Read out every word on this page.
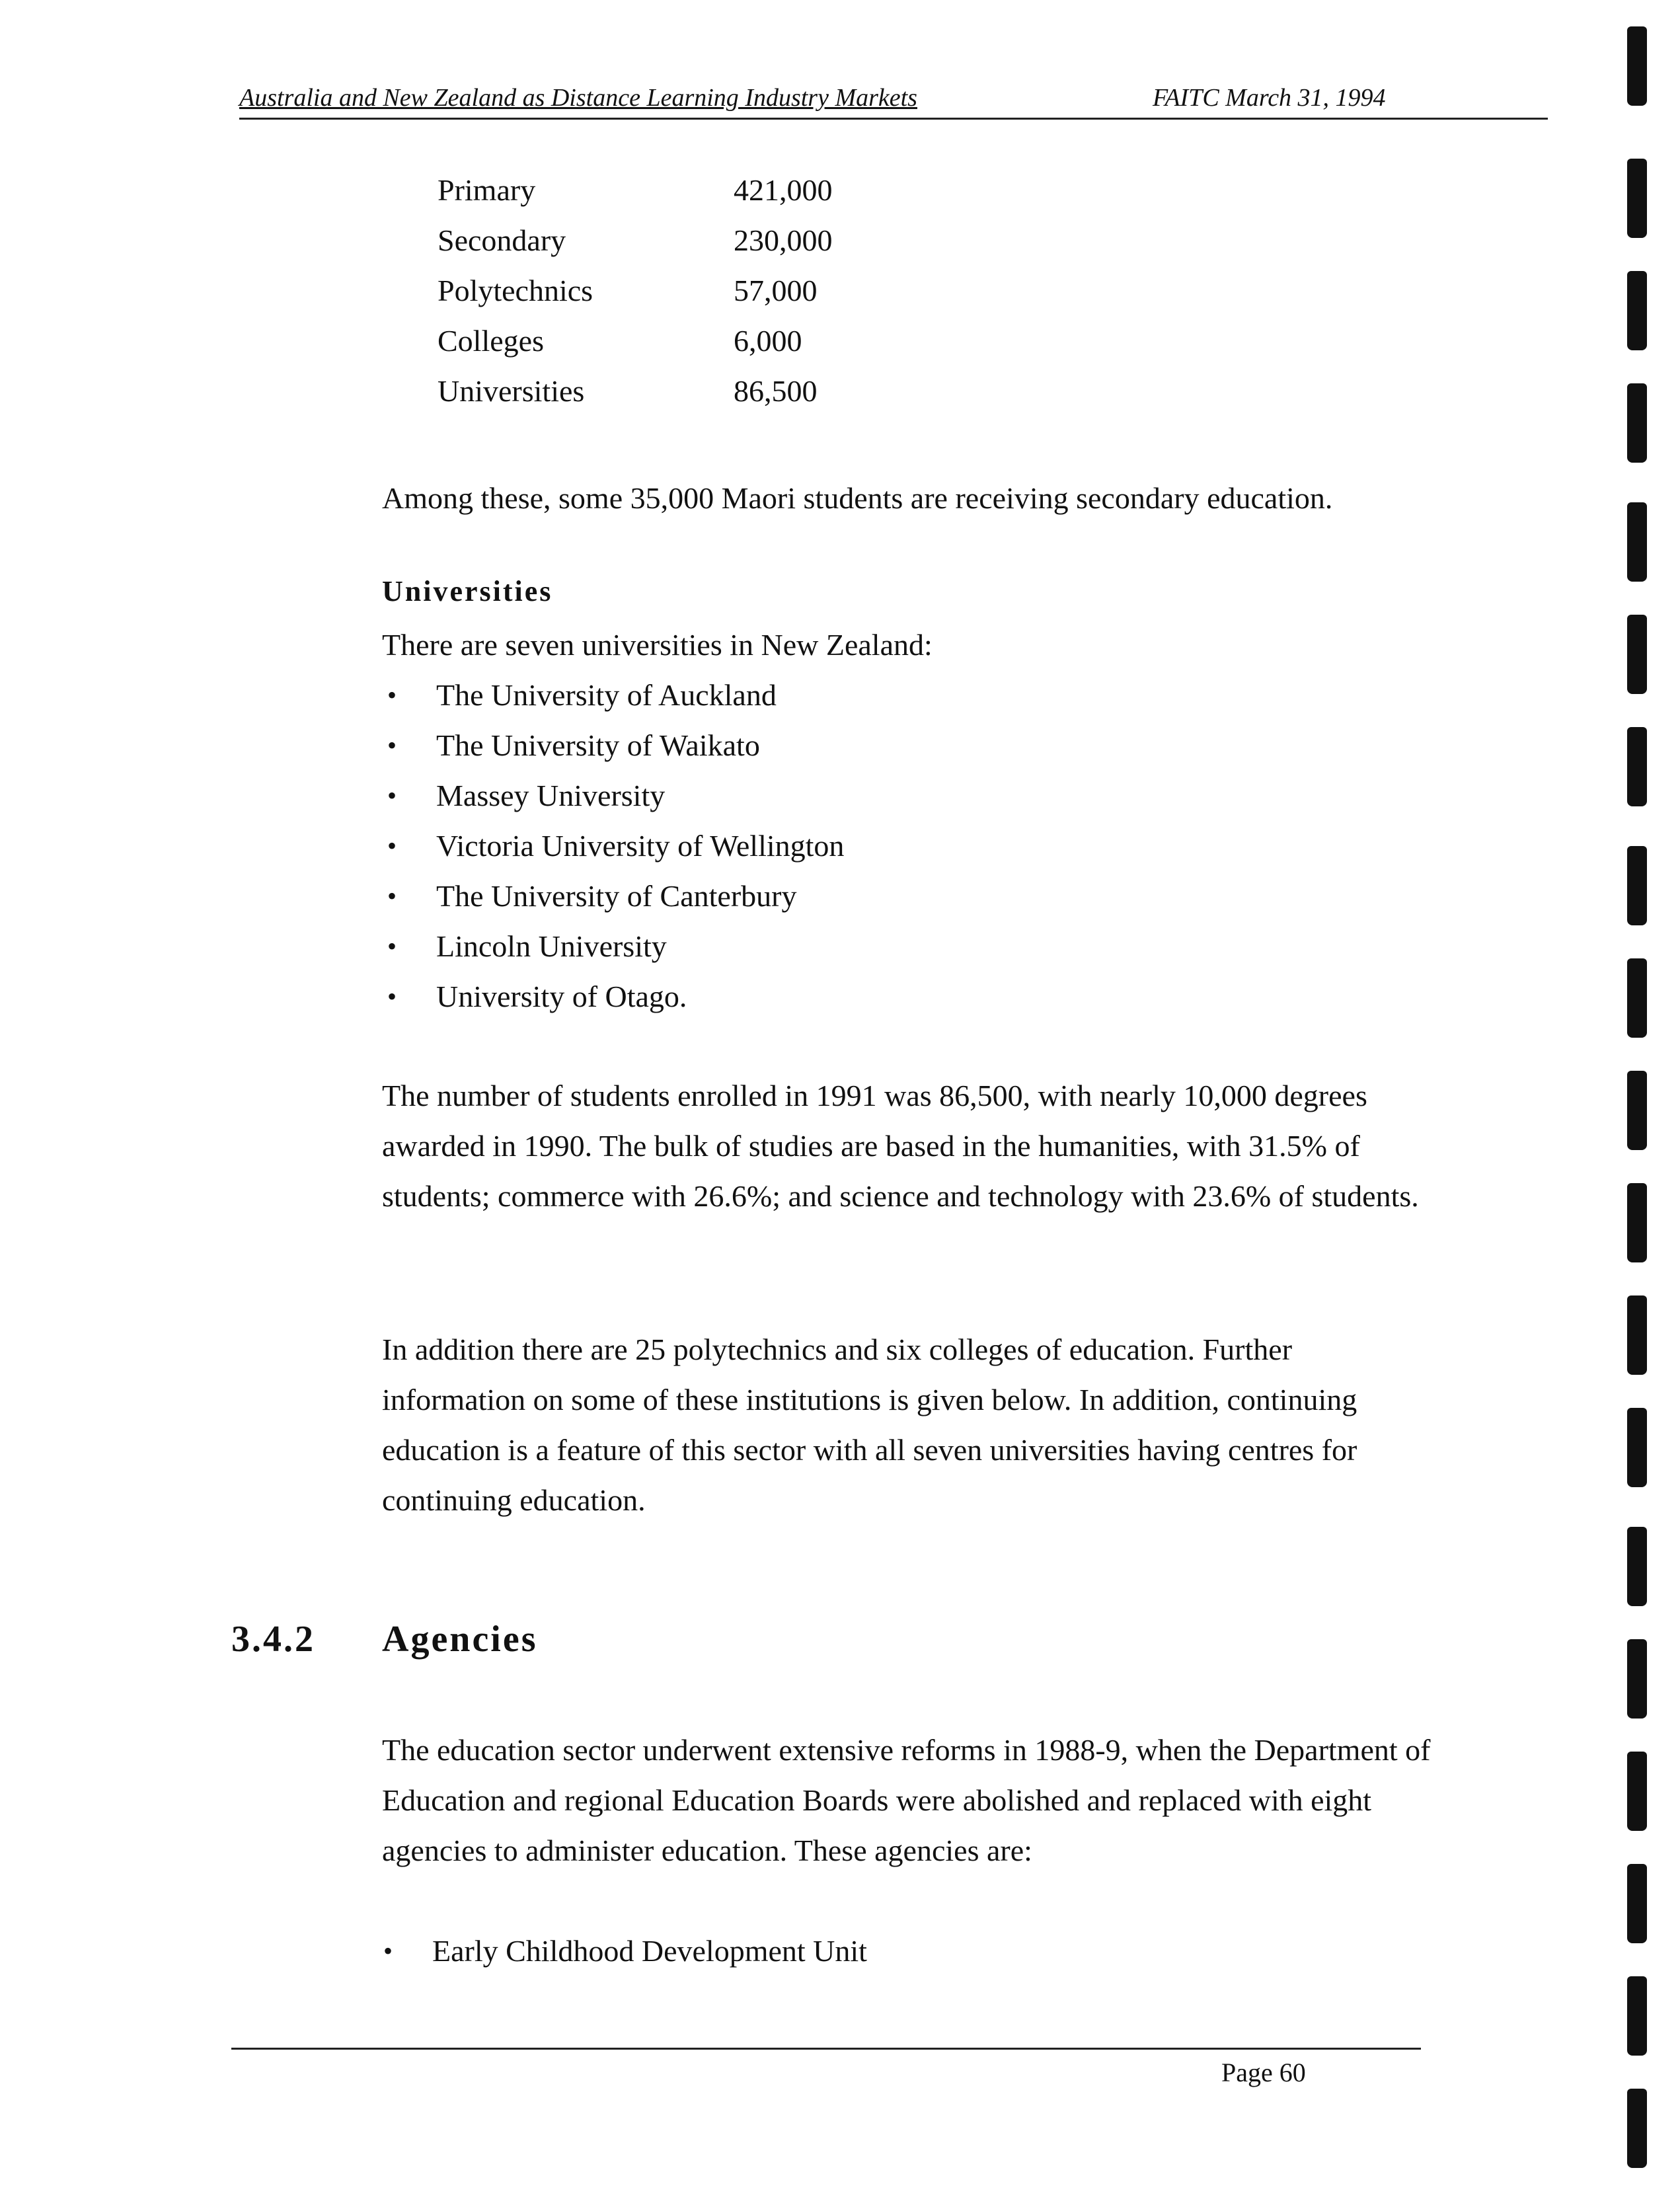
Australia and New Zealand as Distance Learning Industry Markets	FAITC March 31, 1994
Primary	421,000
Secondary	230,000
Polytechnics	57,000
Colleges	6,000
Universities	86,500

Among these, some 35,000 Maori students are receiving secondary education.

Universities

There are seven universities in New Zealand:

• The University of Auckland
• The University of Waikato
• Massey University
• Victoria University of Wellington
• The University of Canterbury
• Lincoln University
• University of Otago.

The number of students enrolled in 1991 was 86,500, with nearly 10,000 degrees awarded in 1990. The bulk of studies are based in the humanities, with 31.5% of students; commerce with 26.6%; and science and technology with 23.6% of students.

In addition there are 25 polytechnics and six colleges of education. Further information on some of these institutions is given below. In addition, continuing education is a feature of this sector with all seven universities having centres for continuing education.

3.4.2 Agencies

The education sector underwent extensive reforms in 1988-9, when the Department of Education and regional Education Boards were abolished and replaced with eight agencies to administer education. These agencies are:

• Early Childhood Development Unit
Page 60
